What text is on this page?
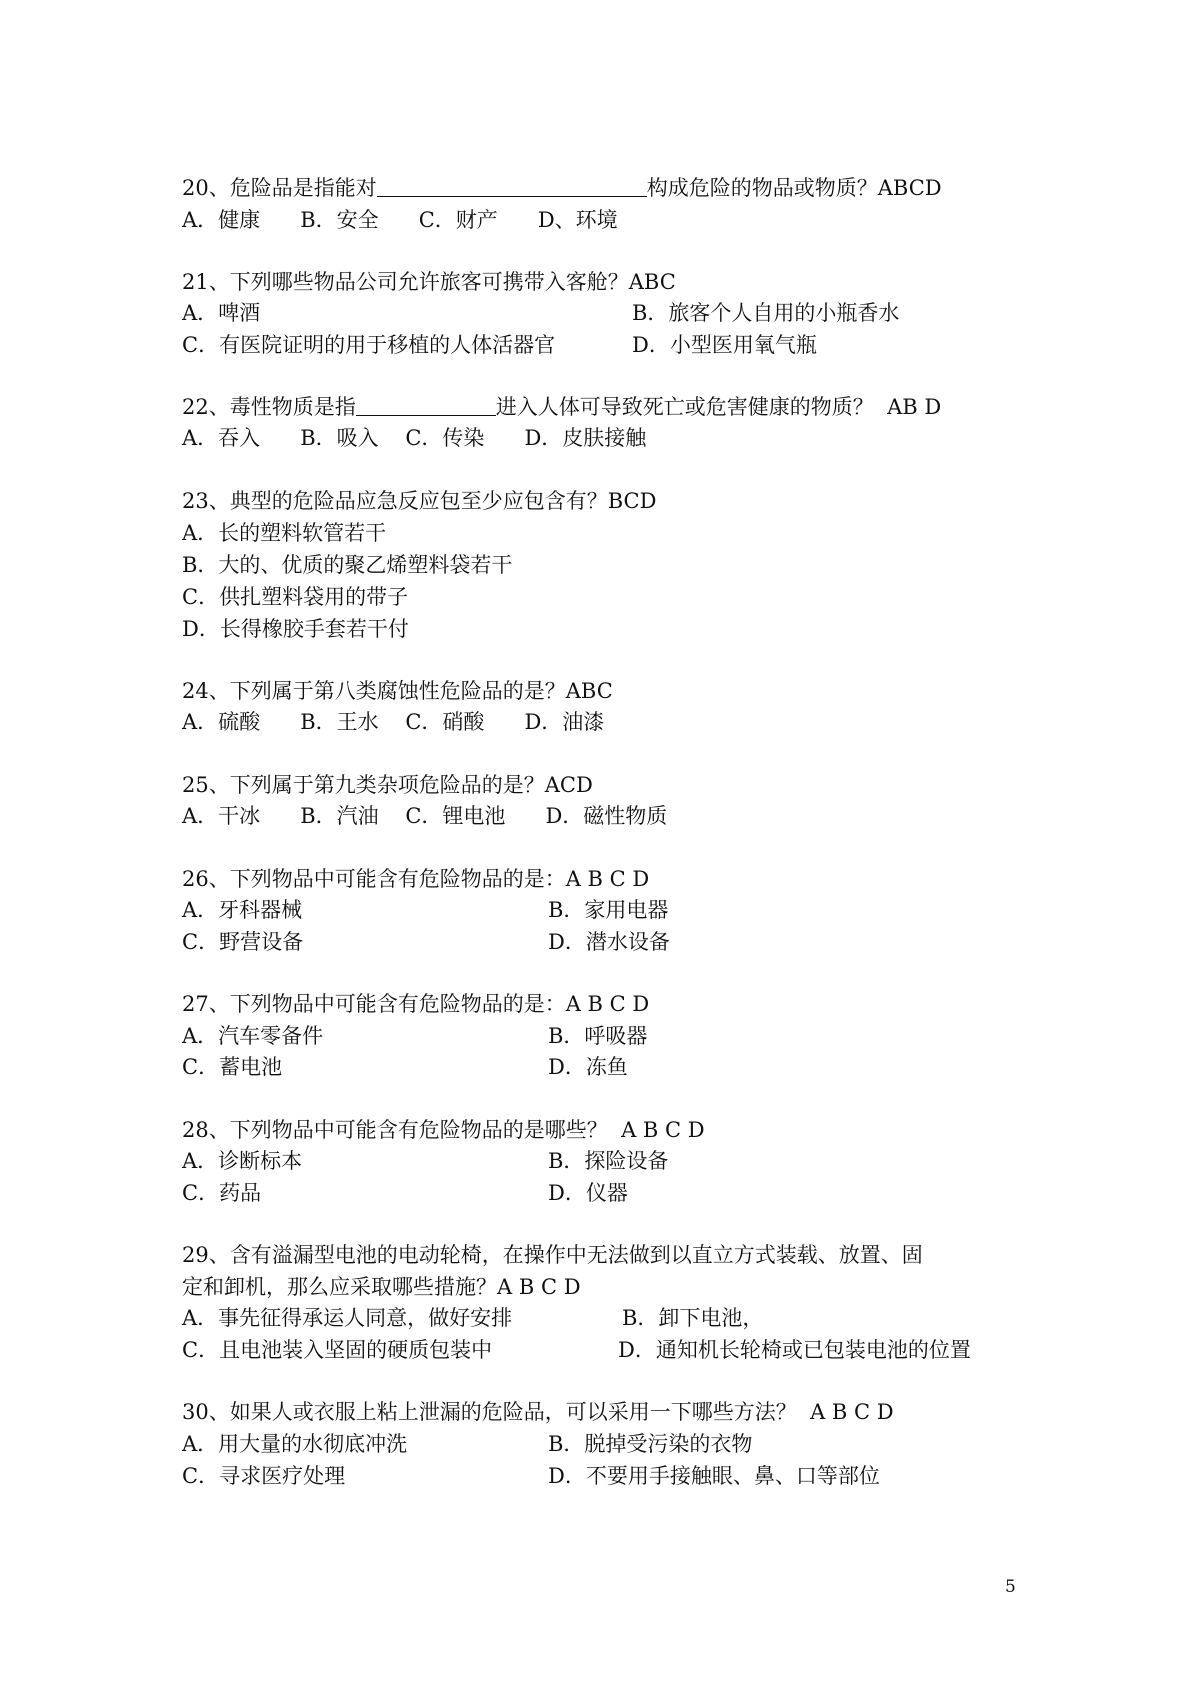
20、危险品是指能对	构成危险的物品或物质？ABCD
A．健康      B．安全      C．财产      D、环境
21、下列哪些物品公司允许旅客可携带入客舱？ABC
A．啤酒	B．旅客个人自用的小瓶香水
C．有医院证明的用于移植的人体活器官	D．小型医用氧气瓶
22、毒性物质是指	进入人体可导致死亡或危害健康的物质？  AB D
A．吞入      B．吸入    C．传染      D．皮肤接触
23、典型的危险品应急反应包至少应包含有？BCD
A．长的塑料软管若干
B．大的、优质的聚乙烯塑料袋若干
C．供扎塑料袋用的带子
D．长得橡胶手套若干付
24、下列属于第八类腐蚀性危险品的是？ABC
A．硫酸      B．王水    C．硝酸      D．油漆
25、下列属于第九类杂项危险品的是？ACD
A．干冰      B．汽油    C．锂电池      D．磁性物质
26、下列物品中可能含有危险物品的是：A B C D
A．牙科器械	B．家用电器
C．野营设备	D．潜水设备
27、下列物品中可能含有危险物品的是：A B C D
A．汽车零备件	B．呼吸器
C．蓄电池	D．冻鱼
28、下列物品中可能含有危险物品的是哪些？  A B C D
A．诊断标本	B．探险设备
C．药品	D．仪器
29、含有溢漏型电池的电动轮椅，在操作中无法做到以直立方式装载、放置、固
定和卸机，那么应采取哪些措施？A B C D
A．事先征得承运人同意，做好安排	B．卸下电池，
C．且电池装入坚固的硬质包装中	D．通知机长轮椅或已包装电池的位置
30、如果人或衣服上粘上泄漏的危险品，可以采用一下哪些方法？  A B C D
A．用大量的水彻底冲洗	B．脱掉受污染的衣物
C．寻求医疗处理	D．不要用手接触眼、鼻、口等部位
5
